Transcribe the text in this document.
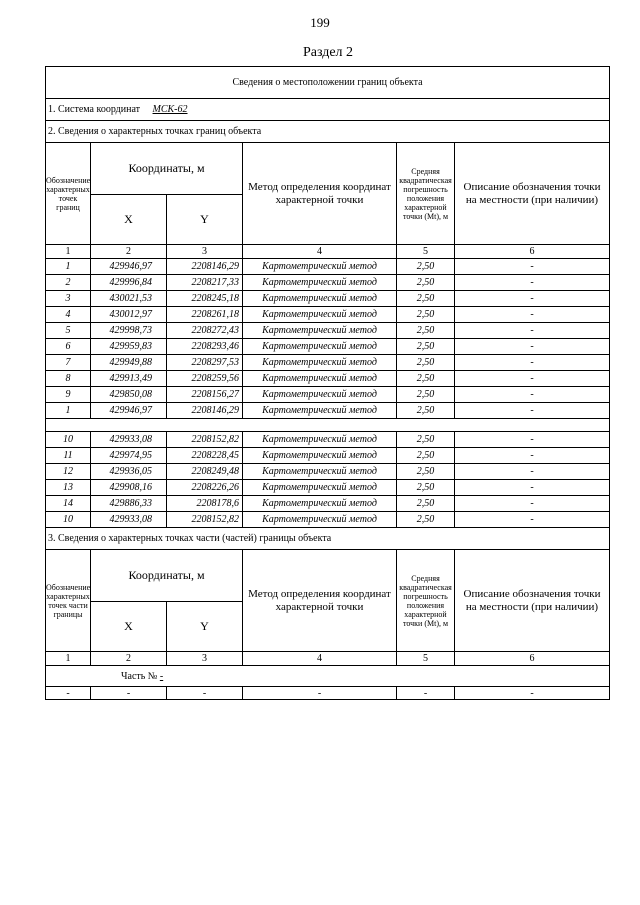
199
Раздел 2
Сведения о местоположении границ объекта					
1. Система координат МСК-62					
2. Сведения о характерных точках границ объекта					
Обозначение характерных точек границ	Координаты, м		Метод определения координат характерной точки	Средняя квадратическая погрешность положения характерной точки (Мt), м	Описание обозначения точки на местности (при наличии)
	X	Y			
1	2	3	4	5	6
1	429946,97	2208146,29	Картометрический метод	2,50	-
2	429996,84	2208217,33	Картометрический метод	2,50	-
3	430021,53	2208245,18	Картометрический метод	2,50	-
4	430012,97	2208261,18	Картометрический метод	2,50	-
5	429998,73	2208272,43	Картометрический метод	2,50	-
6	429959,83	2208293,46	Картометрический метод	2,50	-
7	429949,88	2208297,53	Картометрический метод	2,50	-
8	429913,49	2208259,56	Картометрический метод	2,50	-
9	429850,08	2208156,27	Картометрический метод	2,50	-
1	429946,97	2208146,29	Картометрический метод	2,50	-

10	429933,08	2208152,82	Картометрический метод	2,50	-
11	429974,95	2208228,45	Картометрический метод	2,50	-
12	429936,05	2208249,48	Картометрический метод	2,50	-
13	429908,16	2208226,26	Картометрический метод	2,50	-
14	429886,33	2208178,6	Картометрический метод	2,50	-
10	429933,08	2208152,82	Картометрический метод	2,50	-
3. Сведения о характерных точках части (частей) границы объекта					
Обозначение характерных точек части границы	Координаты, м		Метод определения координат характерной точки	Средняя квадратическая погрешность положения характерной точки (Мt), м	Описание обозначения точки на местности (при наличии)
	X	Y			
1	2	3	4	5	6
Часть № -					
-	-	-	-	-	-
